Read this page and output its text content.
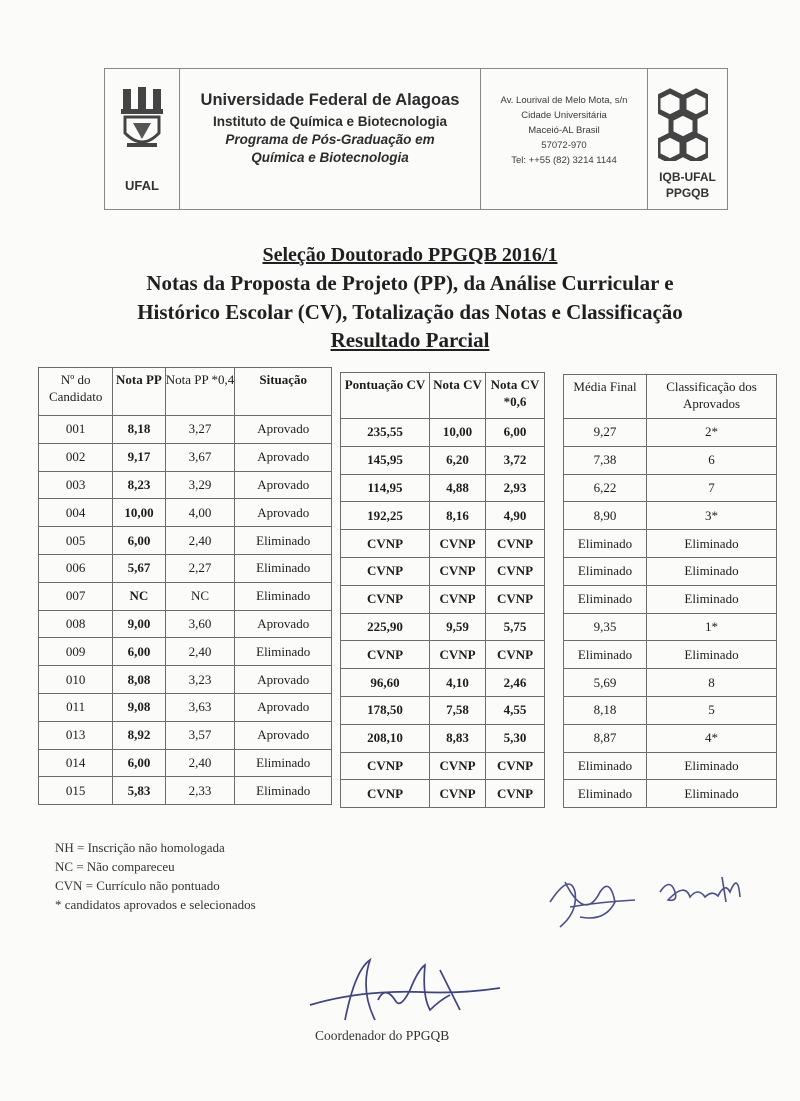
UFAL
Universidade Federal de Alagoas
Instituto de Química e Biotecnologia
Programa de Pós-Graduação em
Química e Biotecnologia
Av. Lourival de Melo Mota, s/n
Cidade Universitária
Maceió-AL Brasil
57072-970
Tel: ++55 (82) 3214 1144
IQB-UFAL
PPGQB
Seleção Doutorado PPGQB 2016/1
Notas da Proposta de Projeto (PP), da Análise Curricular e
Histórico Escolar (CV), Totalização das Notas e Classificação
Resultado Parcial
Nº do Candidato	Nota PP	Nota PP *0,4	Situação
001	8,18	3,27	Aprovado
002	9,17	3,67	Aprovado
003	8,23	3,29	Aprovado
004	10,00	4,00	Aprovado
005	6,00	2,40	Eliminado
006	5,67	2,27	Eliminado
007	NC	NC	Eliminado
008	9,00	3,60	Aprovado
009	6,00	2,40	Eliminado
010	8,08	3,23	Aprovado
011	9,08	3,63	Aprovado
013	8,92	3,57	Aprovado
014	6,00	2,40	Eliminado
015	5,83	2,33	Eliminado
Pontuação CV	Nota CV	Nota CV *0,6
235,55	10,00	6,00
145,95	6,20	3,72
114,95	4,88	2,93
192,25	8,16	4,90
CVNP	CVNP	CVNP
CVNP	CVNP	CVNP
CVNP	CVNP	CVNP
225,90	9,59	5,75
CVNP	CVNP	CVNP
96,60	4,10	2,46
178,50	7,58	4,55
208,10	8,83	5,30
CVNP	CVNP	CVNP
CVNP	CVNP	CVNP
Média Final	Classificação dos Aprovados
9,27	2*
7,38	6
6,22	7
8,90	3*
Eliminado	Eliminado
Eliminado	Eliminado
Eliminado	Eliminado
9,35	1*
Eliminado	Eliminado
5,69	8
8,18	5
8,87	4*
Eliminado	Eliminado
Eliminado	Eliminado
NH = Inscrição não homologada
NC = Não compareceu
CVN = Currículo não pontuado
* candidatos aprovados e selecionados
Coordenador do PPGQB
